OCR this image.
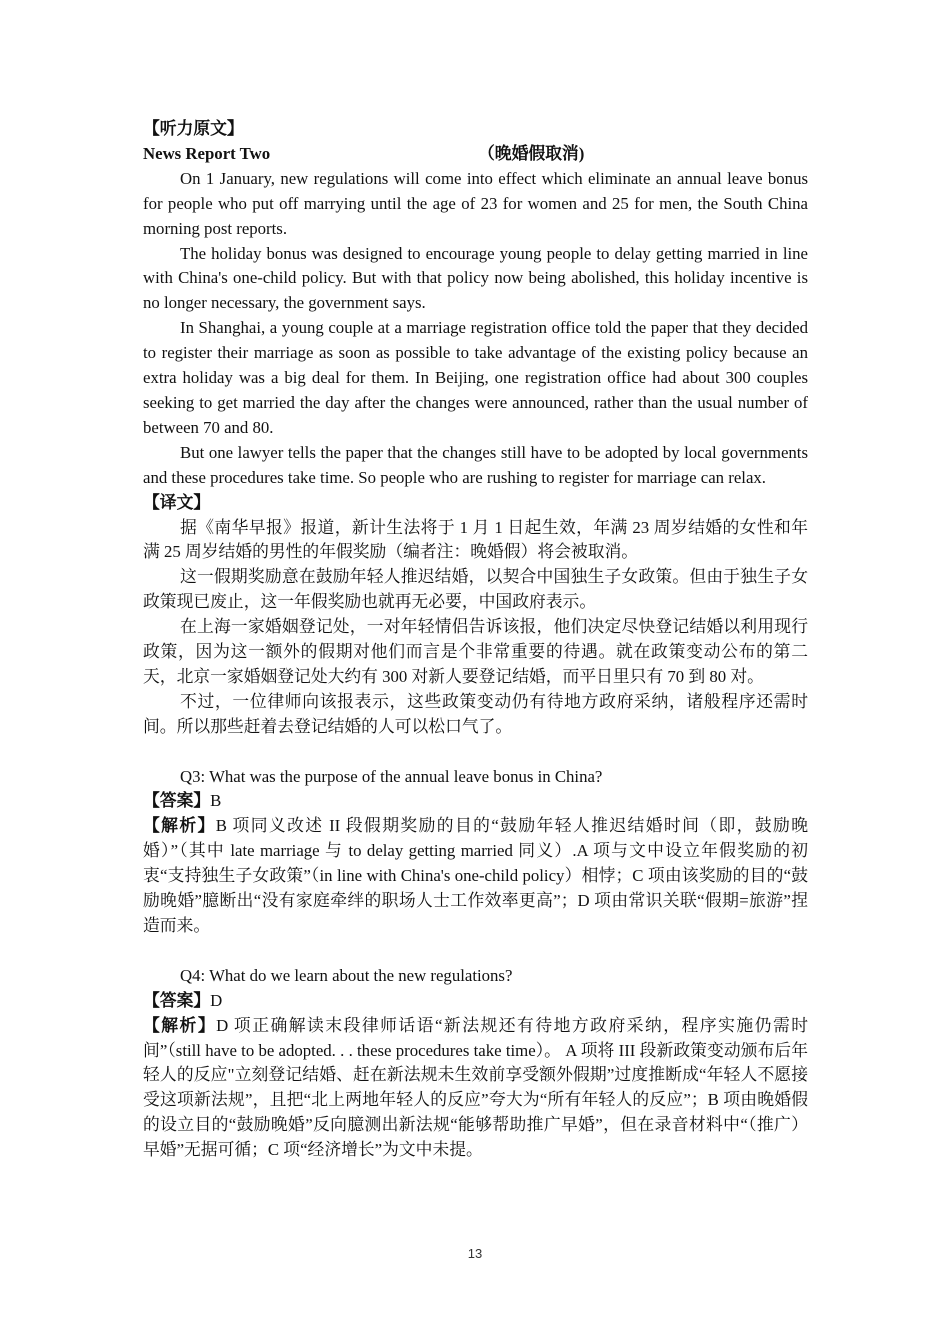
【听力原文】

News Report Two	（晚婚假取消)

On 1 January, new regulations will come into effect which eliminate an annual leave bonus for people who put off marrying until the age of 23 for women and 25 for men, the South China morning post reports.

The holiday bonus was designed to encourage young people to delay getting married in line with China's one-child policy. But with that policy now being abolished, this holiday incentive is no longer necessary, the government says.

In Shanghai, a young couple at a marriage registration office told the paper that they decided to register their marriage as soon as possible to take advantage of the existing policy because an extra holiday was a big deal for them. In Beijing, one registration office had about 300 couples seeking to get married the day after the changes were announced, rather than the usual number of between 70 and 80.

But one lawyer tells the paper that the changes still have to be adopted by local governments and these procedures take time. So people who are rushing to register for marriage can relax.

【译文】

据《南华早报》报道，新计生法将于 1 月 1 日起生效，年满 23 周岁结婚的女性和年满 25 周岁结婚的男性的年假奖励（编者注：晚婚假）将会被取消。

这一假期奖励意在鼓励年轻人推迟结婚，以契合中国独生子女政策。但由于独生子女政策现已废止，这一年假奖励也就再无必要，中国政府表示。

在上海一家婚姻登记处，一对年轻情侣告诉该报，他们决定尽快登记结婚以利用现行政策，因为这一额外的假期对他们而言是个非常重要的待遇。就在政策变动公布的第二天，北京一家婚姻登记处大约有 300 对新人要登记结婚，而平日里只有 70 到 80 对。

不过，一位律师向该报表示，这些政策变动仍有待地方政府采纳，诸般程序还需时间。所以那些赶着去登记结婚的人可以松口气了。

Q3: What was the purpose of the annual leave bonus in China?

【答案】B

【解析】B 项同义改述 II 段假期奖励的目的“鼓励年轻人推迟结婚时间（即，鼓励晚婚）”（其中 late marriage 与 to delay getting married 同义）.A 项与文中设立年假奖励的初衷“支持独生子女政策”（in line with China's one-child policy）相悖；C 项由该奖励的目的“鼓励晚婚”臆断出“没有家庭牵绊的职场人士工作效率更高”；D 项由常识关联“假期=旅游”捏造而来。

Q4: What do we learn about the new regulations?

【答案】D

【解析】D 项正确解读末段律师话语“新法规还有待地方政府采纳，程序实施仍需时间”（still have to be adopted. . . these procedures take time）。 A 项将 III 段新政策变动颁布后年轻人的反应"立刻登记结婚、赶在新法规未生效前享受额外假期”过度推断成“年轻人不愿接受这项新法规”，且把“北上两地年轻人的反应”夸大为“所有年轻人的反应”；B 项由晚婚假的设立目的“鼓励晚婚”反向臆测出新法规“能够帮助推广早婚”，但在录音材料中“（推广）早婚”无据可循；C 项“经济增长”为文中未提。

13
